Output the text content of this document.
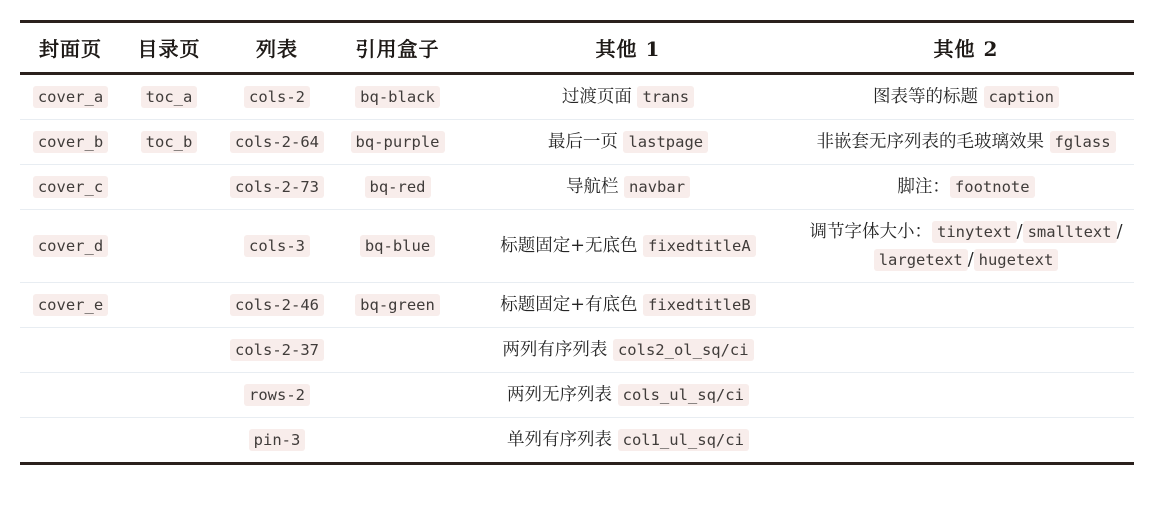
封面页	目录页	列表	引用盒子	其他 1	其他 2
cover_a	toc_a	cols-2	bq-black	过渡页面 trans	图表等的标题 caption
cover_b	toc_b	cols-2-64	bq-purple	最后一页 lastpage	非嵌套无序列表的毛玻璃效果 fglass
cover_c		cols-2-73	bq-red	导航栏 navbar	脚注： footnote
cover_d		cols-3	bq-blue	标题固定+无底色 fixedtitleA	调节字体大小： tinytext / smalltext /
largetext / hugetext
cover_e		cols-2-46	bq-green	标题固定+有底色 fixedtitleB	
		cols-2-37		两列有序列表 cols2_ol_sq/ci	
		rows-2		两列无序列表 cols_ul_sq/ci	
		pin-3		单列有序列表 col1_ul_sq/ci	
